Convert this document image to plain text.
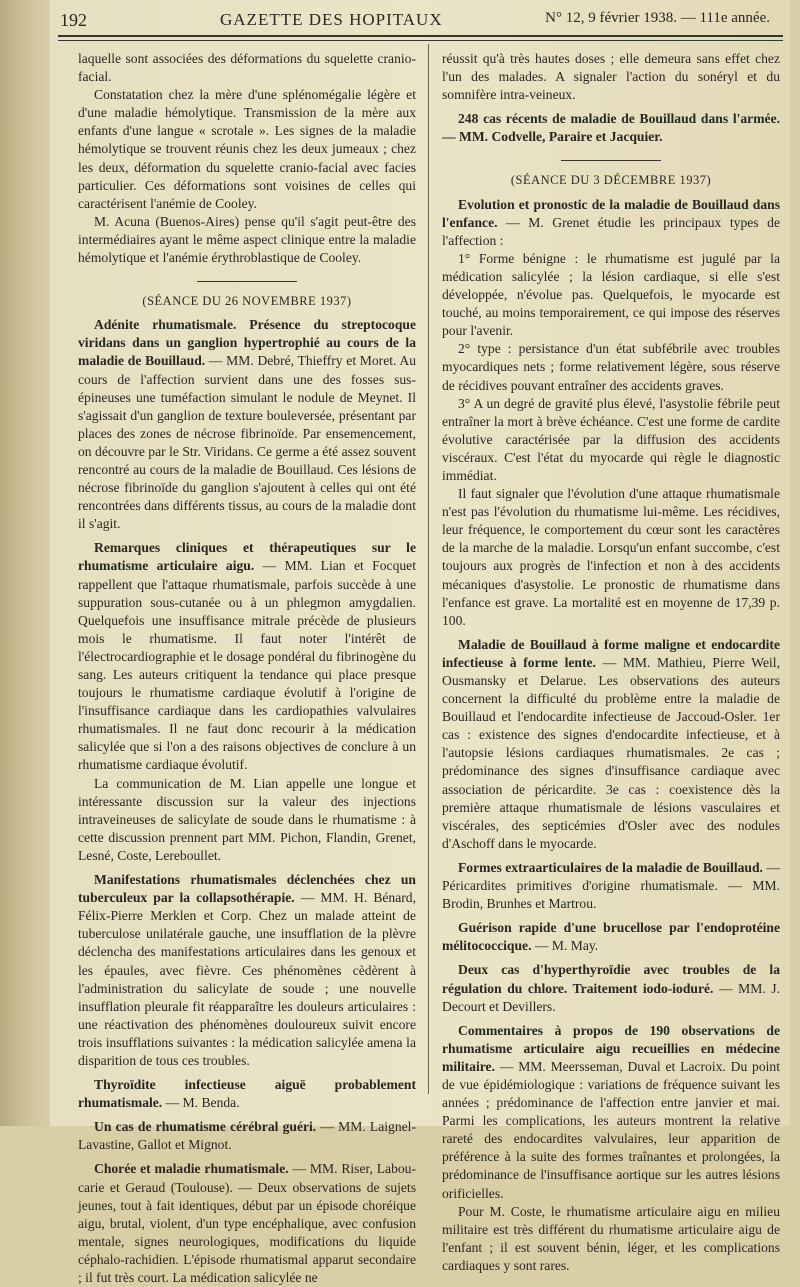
192	GAZETTE DES HOPITAUX	N° 12, 9 février 1938. — 111e année.

laquelle sont associées des déformations du squelette cranio-facial.

Constatation chez la mère d'une splénomégalie légère et d'une maladie hémolytique. Transmission de la mère aux enfants d'une langue « scrotale ». Les signes de la maladie hémolytique se trouvent réunis chez les deux jumeaux ; chez les deux, déformation du squelette cranio-facial avec facies particulier. Ces déformations sont voisines de celles qui caractérisent l'anémie de Cooley.

M. Acuna (Buenos-Aires) pense qu'il s'agit peut-être des intermédiaires ayant le même aspect clinique entre la maladie hémolytique et l'anémie érythroblastique de Cooley.

(SÉANCE DU 26 NOVEMBRE 1937)

Adénite rhumatismale. Présence du streptocoque viridans dans un ganglion hypertrophié au cours de la maladie de Bouillaud. — MM. Debré, Thieffry et Moret. Au cours de l'affection survient dans une des fosses sus-épineuses une tuméfaction simulant le nodule de Meynet. Il s'agissait d'un ganglion de texture bouleversée, présentant par places des zones de nécrose fibrinoïde. Par ensemencement, on découvre par le Str. Viridans. Ce germe a été assez souvent rencontré au cours de la maladie de Bouillaud. Ces lésions de nécrose fibrinoïde du ganglion s'ajoutent à celles qui ont été rencontrées dans différents tissus, au cours de la maladie dont il s'agit.

Remarques cliniques et thérapeutiques sur le rhumatisme articulaire aigu. — MM. Lian et Focquet rappellent que l'attaque rhumatismale, parfois succède à une suppuration sous-cutanée ou à un phlegmon amygdalien. Quelquefois une insuffisance mitrale précède de plusieurs mois le rhumatisme. Il faut noter l'intérêt de l'électrocardiographie et le dosage pondéral du fibrinogène du sang. Les auteurs critiquent la tendance qui place presque toujours le rhumatisme cardiaque évolutif à l'origine de l'insuffisance cardiaque dans les cardiopathies valvulaires rhumatismales. Il ne faut donc recourir à la médication salicylée que si l'on a des raisons objectives de conclure à un rhumatisme cardiaque évolutif.

La communication de M. Lian appelle une longue et intéressante discussion sur la valeur des injections intraveineuses de salicylate de soude dans le rhumatisme : à cette discussion prennent part MM. Pichon, Flandin, Grenet, Lesné, Coste, Lereboullet.

Manifestations rhumatismales déclenchées chez un tuberculeux par la collapsothérapie. — MM. H. Bénard, Félix-Pierre Merklen et Corp. Chez un malade atteint de tuberculose unilatérale gauche, une insufflation de la plèvre déclencha des manifestations articulaires dans les genoux et les épaules, avec fièvre. Ces phénomènes cèdèrent à l'administration du salicylate de soude ; une nouvelle insufflation pleurale fit réapparaître les douleurs articulaires : une réactivation des phénomènes douloureux suivit encore trois insufflations suivantes : la médication salicylée amena la disparition de tous ces troubles.

Thyroïdite infectieuse aiguë probablement rhumatismale. — M. Benda.

Un cas de rhumatisme cérébral guéri. — MM. Laignel-Lavastine, Gallot et Mignot.

Chorée et maladie rhumatismale. — MM. Riser, Labou-carie et Geraud (Toulouse). — Deux observations de sujets jeunes, tout à fait identiques, début par un épisode choréique aigu, brutal, violent, d'un type encéphalique, avec confusion mentale, signes neurologiques, modifications du liquide céphalo-rachidien. L'épisode rhumatismal apparut secondaire ; il fut très court. La médication salicylée ne

réussit qu'à très hautes doses ; elle demeura sans effet chez l'un des malades. A signaler l'action du sonéryl et du somnifère intra-veineux.

248 cas récents de maladie de Bouillaud dans l'armée. — MM. Codvelle, Paraire et Jacquier.

(SÉANCE DU 3 DÉCEMBRE 1937)

Evolution et pronostic de la maladie de Bouillaud dans l'enfance. — M. Grenet étudie les principaux types de l'affection :

1° Forme bénigne : le rhumatisme est jugulé par la médication salicylée ; la lésion cardiaque, si elle s'est développée, n'évolue pas. Quelquefois, le myocarde est touché, au moins temporairement, ce qui impose des réserves pour l'avenir.

2° type : persistance d'un état subfébrile avec troubles myocardiques nets ; forme relativement légère, sous réserve de récidives pouvant entraîner des accidents graves.

3° A un degré de gravité plus élevé, l'asystolie fébrile peut entraîner la mort à brève échéance. C'est une forme de cardite évolutive caractérisée par la diffusion des accidents viscéraux. C'est l'état du myocarde qui règle le diagnostic immédiat.

Il faut signaler que l'évolution d'une attaque rhumatismale n'est pas l'évolution du rhumatisme lui-même. Les récidives, leur fréquence, le comportement du cœur sont les caractères de la marche de la maladie. Lorsqu'un enfant succombe, c'est toujours aux progrès de l'infection et non à des accidents mécaniques d'asystolie. Le pronostic de rhumatisme dans l'enfance est grave. La mortalité est en moyenne de 17,39 p. 100.

Maladie de Bouillaud à forme maligne et endocardite infectieuse à forme lente. — MM. Mathieu, Pierre Weil, Ousmansky et Delarue. Les observations des auteurs concernent la difficulté du problème entre la maladie de Bouillaud et l'endocardite infectieuse de Jaccoud-Osler. 1er cas : existence des signes d'endocardite infectieuse, et à l'autopsie lésions cardiaques rhumatismales. 2e cas ; prédominance des signes d'insuffisance cardiaque avec association de péricardite. 3e cas : coexistence dès la première attaque rhumatismale de lésions vasculaires et viscérales, des septicémies d'Osler avec des nodules d'Aschoff dans le myocarde.

Formes extraarticulaires de la maladie de Bouillaud. — Péricardites primitives d'origine rhumatismale. — MM. Brodin, Brunhes et Martrou.

Guérison rapide d'une brucellose par l'endoprotéine mélitococcique. — M. May.

Deux cas d'hyperthyroïdie avec troubles de la régulation du chlore. Traitement iodo-ioduré. — MM. J. Decourt et Devillers.

Commentaires à propos de 190 observations de rhumatisme articulaire aigu recueillies en médecine militaire. — MM. Meersseman, Duval et Lacroix. Du point de vue épidémiologique : variations de fréquence suivant les années ; prédominance de l'affection entre janvier et mai. Parmi les complications, les auteurs montrent la relative rareté des endocardites valvulaires, leur apparition de préférence à la suite des formes traînantes et prolongées, la prédominance de l'insuffisance aortique sur les autres lésions orificielles.

Pour M. Coste, le rhumatisme articulaire aigu en milieu militaire est très différent du rhumatisme articulaire aigu de l'enfant ; il est souvent bénin, léger, et les complications cardiaques y sont rares.
